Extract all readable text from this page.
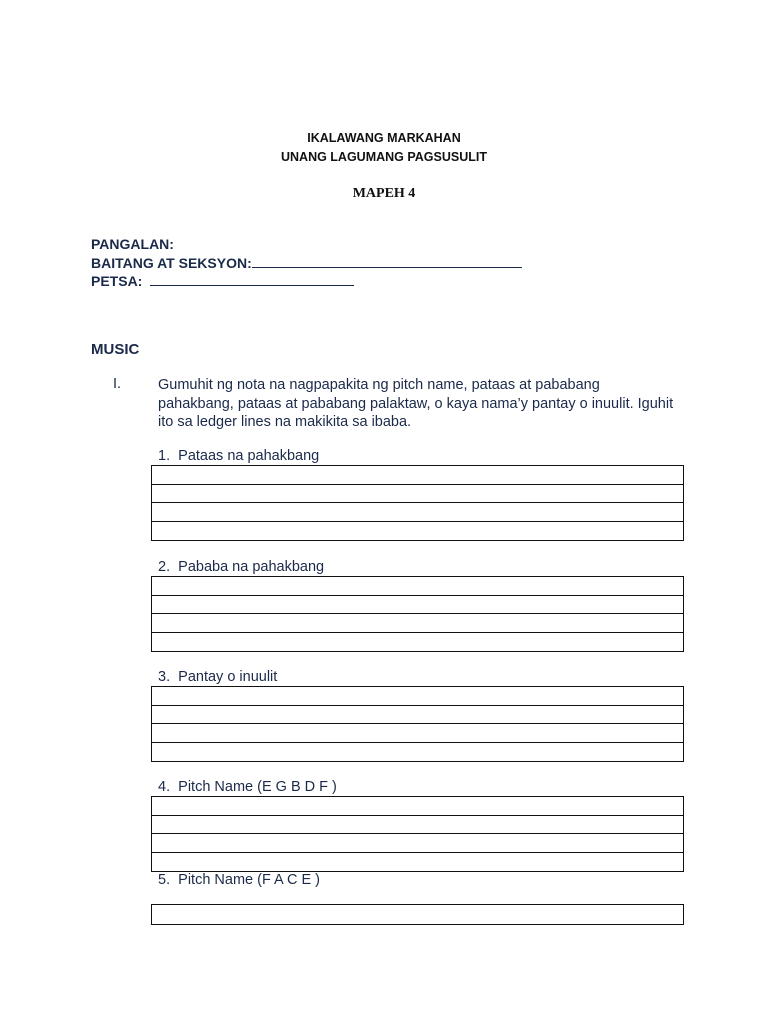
IKALAWANG MARKAHAN
UNANG LAGUMANG PAGSUSULIT
MAPEH 4
PANGALAN:
BAITANG AT SEKSYON:
PETSA:
MUSIC
I.	Gumuhit ng nota na nagpapakita ng pitch name, pataas at pababang pahakbang, pataas at pababang palaktaw, o kaya nama’y pantay o inuulit. Iguhit ito sa ledger lines na makikita sa ibaba.
1. Pataas na pahakbang
2. Pababa na pahakbang
3. Pantay o inuulit
4. Pitch Name (E G B D F )
5. Pitch Name (F A C E )
